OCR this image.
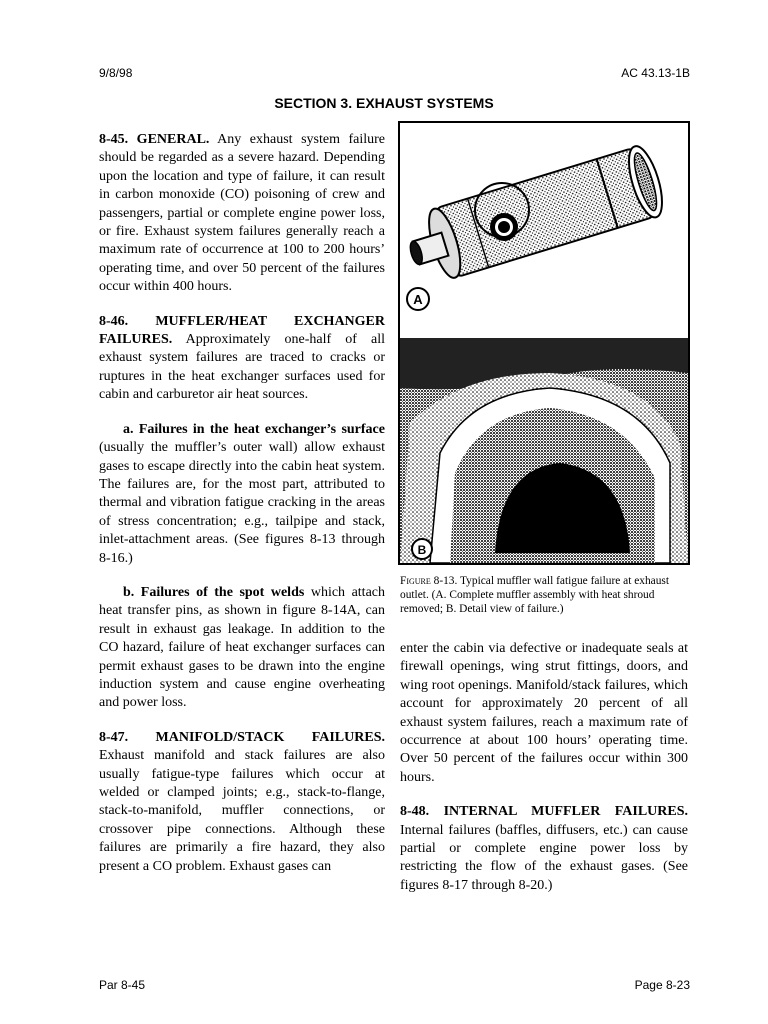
9/8/98	AC 43.13-1B
SECTION 3. EXHAUST SYSTEMS

8-45. GENERAL. Any exhaust system failure should be regarded as a severe hazard. Depending upon the location and type of failure, it can result in carbon monoxide (CO) poisoning of crew and passengers, partial or complete engine power loss, or fire. Exhaust system failures generally reach a maximum rate of occurrence at 100 to 200 hours’ operating time, and over 50 percent of the failures occur within 400 hours.

8-46. MUFFLER/HEAT EXCHANGER FAILURES. Approximately one-half of all exhaust system failures are traced to cracks or ruptures in the heat exchanger surfaces used for cabin and carburetor air heat sources.

a. Failures in the heat exchanger’s surface (usually the muffler’s outer wall) allow exhaust gases to escape directly into the cabin heat system. The failures are, for the most part, attributed to thermal and vibration fatigue cracking in the areas of stress concentration; e.g., tailpipe and stack, inlet-attachment areas. (See figures 8-13 through 8-16.)

b. Failures of the spot welds which attach heat transfer pins, as shown in figure 8-14A, can result in exhaust gas leakage. In addition to the CO hazard, failure of heat exchanger surfaces can permit exhaust gases to be drawn into the engine induction system and cause engine overheating and power loss.

8-47. MANIFOLD/STACK FAILURES. Exhaust manifold and stack failures are also usually fatigue-type failures which occur at welded or clamped joints; e.g., stack-to-flange, stack-to-manifold, muffler connections, or crossover pipe connections. Although these failures are primarily a fire hazard, they also present a CO problem. Exhaust gases can

A
B
Figure 8-13. Typical muffler wall fatigue failure at exhaust outlet. (A. Complete muffler assembly with heat shroud removed; B. Detail view of failure.)

enter the cabin via defective or inadequate seals at firewall openings, wing strut fittings, doors, and wing root openings. Manifold/stack failures, which account for approximately 20 percent of all exhaust system failures, reach a maximum rate of occurrence at about 100 hours’ operating time. Over 50 percent of the failures occur within 300 hours.

8-48. INTERNAL MUFFLER FAILURES. Internal failures (baffles, diffusers, etc.) can cause partial or complete engine power loss by restricting the flow of the exhaust gases. (See figures 8-17 through 8-20.)

Par 8-45	Page 8-23
